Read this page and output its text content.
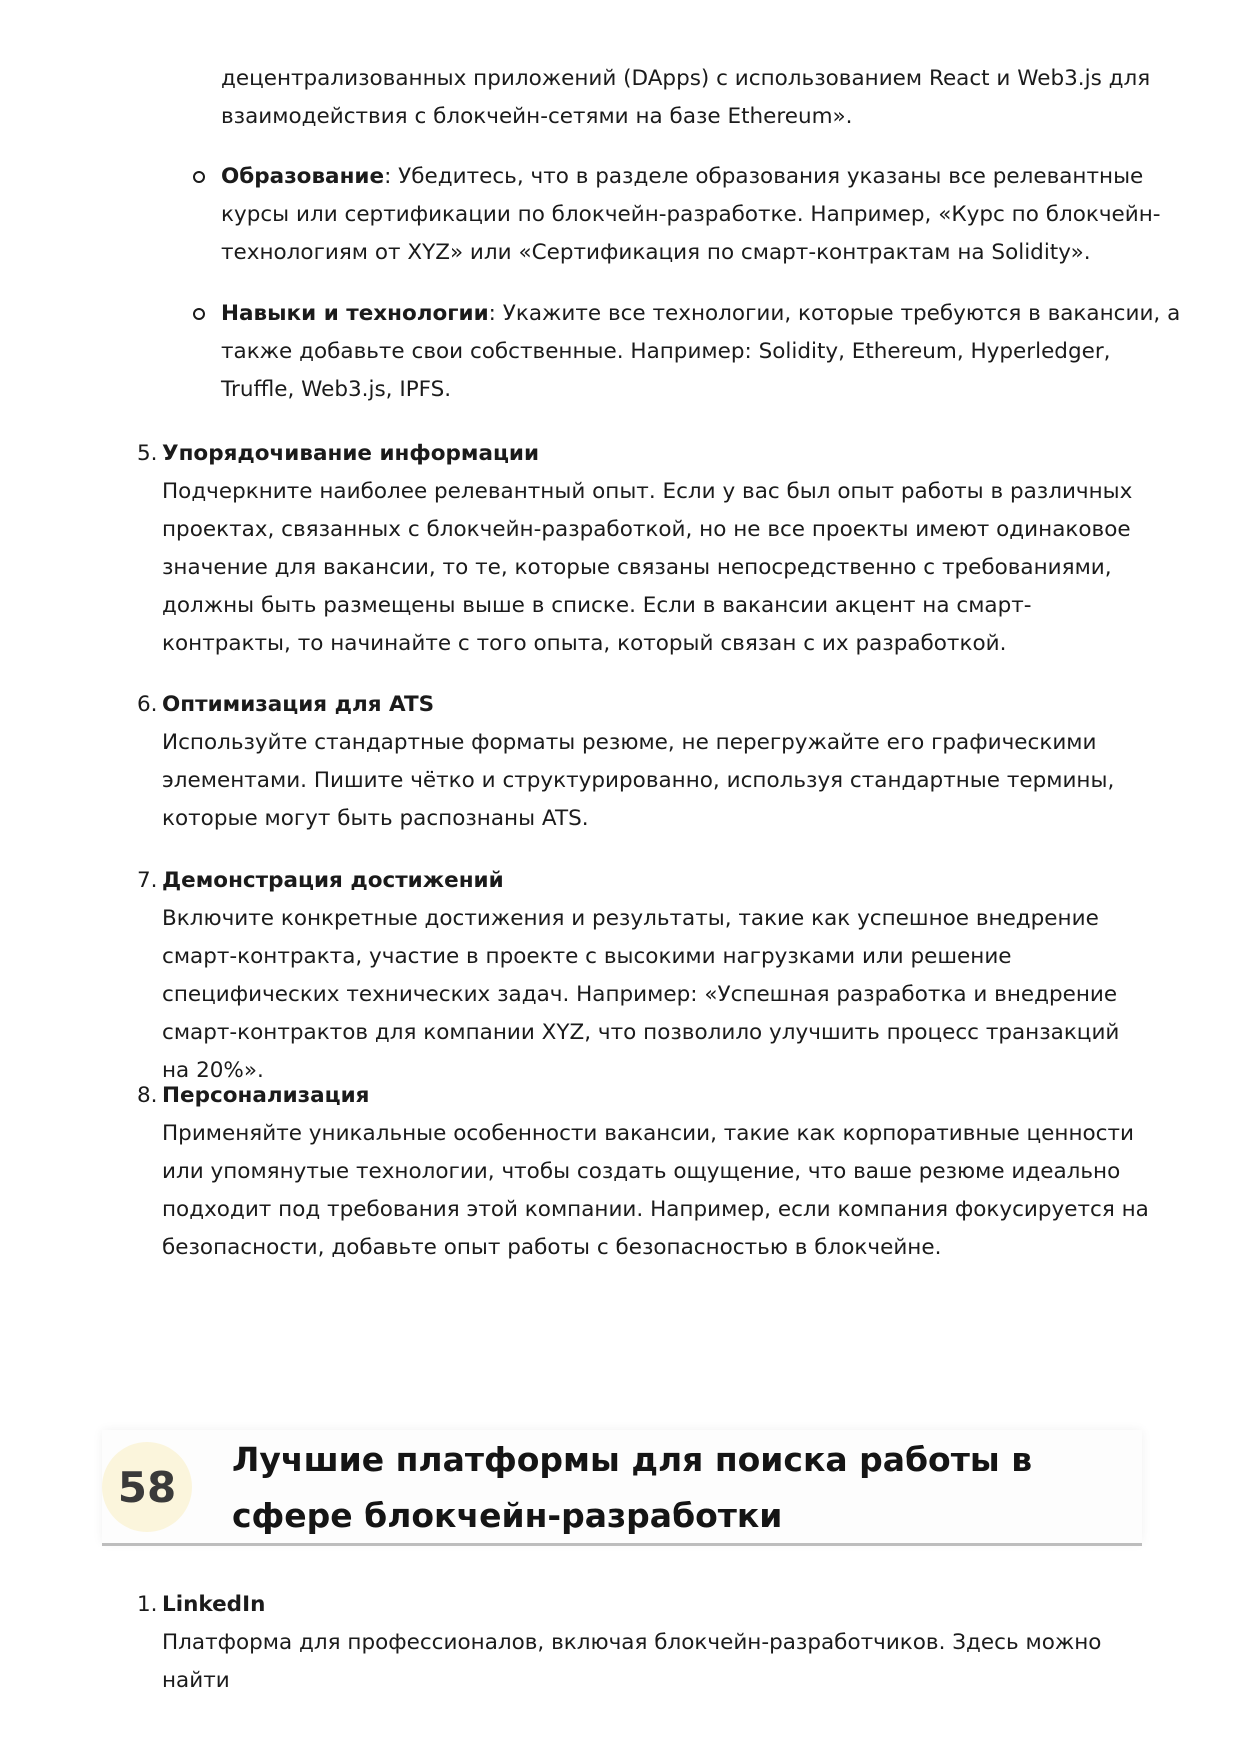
децентрализованных приложений (DApps) с использованием React и Web3.js для

взаимодействия с блокчейн-сетями на базе Ethereum».

Образование: Убедитесь, что в разделе образования указаны все релевантные курсы или сертификации по блокчейн-разработке. Например, «Курс по блокчейн-технологиям от XYZ» или «Сертификация по смарт-контрактам на Solidity».

Навыки и технологии: Укажите все технологии, которые требуются в вакансии, а также добавьте свои собственные. Например: Solidity, Ethereum, Hyperledger, Truffle, Web3.js, IPFS.

5. Упорядочивание информации

Подчеркните наиболее релевантный опыт. Если у вас был опыт работы в различных проектах, связанных с блокчейн-разработкой, но не все проекты имеют одинаковое значение для вакансии, то те, которые связаны непосредственно с требованиями, должны быть размещены выше в списке. Если в вакансии акцент на смарт-контракты, то начинайте с того опыта, который связан с их разработкой.

6. Оптимизация для ATS

Используйте стандартные форматы резюме, не перегружайте его графическими элементами. Пишите чётко и структурированно, используя стандартные термины, которые могут быть распознаны ATS.

7. Демонстрация достижений

Включите конкретные достижения и результаты, такие как успешное внедрение смарт-контракта, участие в проекте с высокими нагрузками или решение специфических технических задач. Например: «Успешная разработка и внедрение смарт-контрактов для компании XYZ, что позволило улучшить процесс транзакций на 20%».

8. Персонализация

Применяйте уникальные особенности вакансии, такие как корпоративные ценности или упомянутые технологии, чтобы создать ощущение, что ваше резюме идеально подходит под требования этой компании. Например, если компания фокусируется на безопасности, добавьте опыт работы с безопасностью в блокчейне.

58
Лучшие платформы для поиска работы в сфере блокчейн-разработки
1. LinkedIn

Платформа для профессионалов, включая блокчейн-разработчиков. Здесь можно найти
